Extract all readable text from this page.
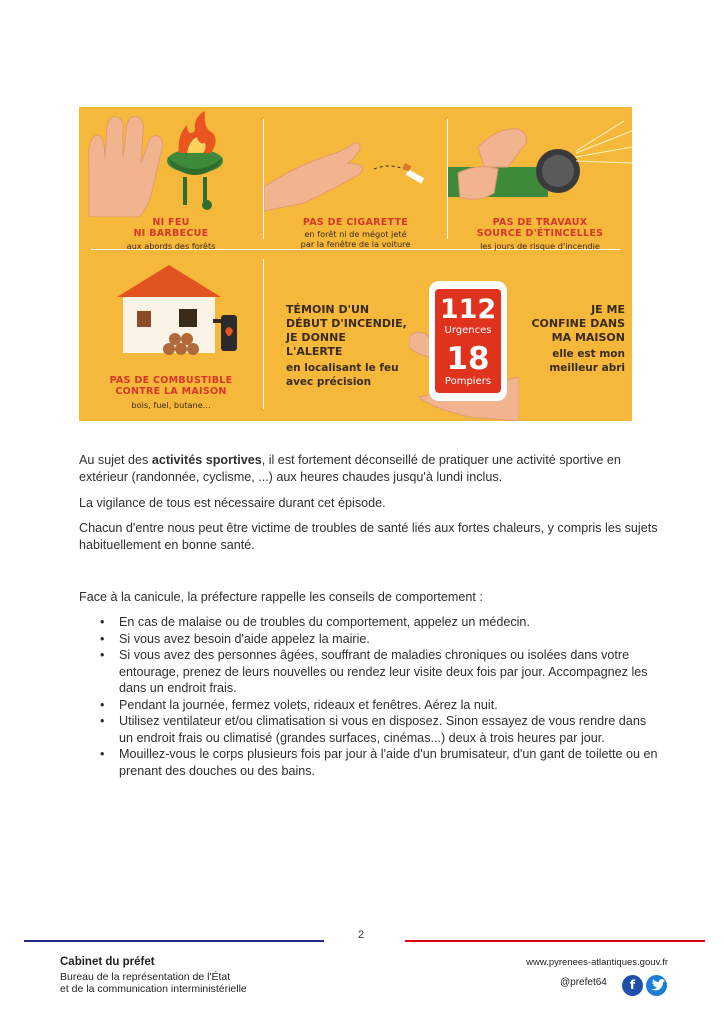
NI FEU
NI BARBECUE
aux abords des forêts
PAS DE CIGARETTE
en forêt ni de mégot jeté
par la fenêtre de la voiture
PAS DE TRAVAUX
SOURCE D'ÉTINCELLES
les jours de risque d'incendie
PAS DE COMBUSTIBLE
CONTRE LA MAISON
bois, fuel, butane...
TÉMOIN D'UN
DÉBUT D'INCENDIE,
JE DONNE
L'ALERTE
en localisant le feu
avec précision
112
Urgences
18
Pompiers
JE ME
CONFINE DANS
MA MAISON
elle est mon
meilleur abri

Au sujet des activités sportives, il est fortement déconseillé de pratiquer une activité sportive en extérieur (randonnée, cyclisme, ...) aux heures chaudes jusqu'à lundi inclus.

La vigilance de tous est nécessaire durant cet épisode.
Chacun d'entre nous peut être victime de troubles de santé liés aux fortes chaleurs, y compris les sujets habituellement en bonne santé.
Face à la canicule, la préfecture rappelle les conseils de comportement :
• En cas de malaise ou de troubles du comportement, appelez un médecin.
• Si vous avez besoin d'aide appelez la mairie.
• Si vous avez des personnes âgées, souffrant de maladies chroniques ou isolées dans votre entourage, prenez de leurs nouvelles ou rendez leur visite deux fois par jour. Accompagnez les dans un endroit frais.
• Pendant la journée, fermez volets, rideaux et fenêtres. Aérez la nuit.
• Utilisez ventilateur et/ou climatisation si vous en disposez. Sinon essayez de vous rendre dans un endroit frais ou climatisé (grandes surfaces, cinémas...) deux à trois heures par jour.
• Mouillez-vous le corps plusieurs fois par jour à l'aide d'un brumisateur, d'un gant de toilette ou en prenant des douches ou des bains.
2
Cabinet du préfet
Bureau de la représentation de l'État
et de la communication interministérielle
www.pyrenees-atlantiques.gouv.fr
@prefet64	f
